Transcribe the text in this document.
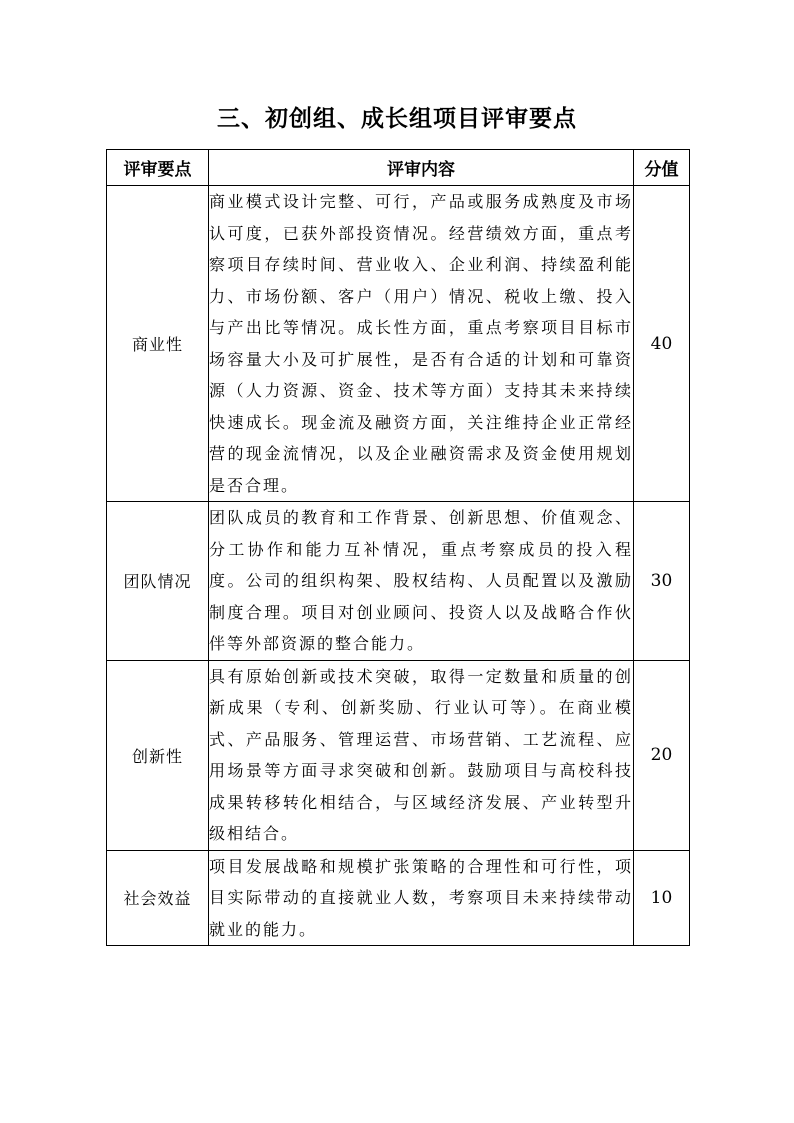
三、初创组、成长组项目评审要点
评审要点	评审内容	分值
商业性	商业模式设计完整、可行，产品或服务成熟度及市场认可度，已获外部投资情况。经营绩效方面，重点考察项目存续时间、营业收入、企业利润、持续盈利能力、市场份额、客户（用户）情况、税收上缴、投入与产出比等情况。成长性方面，重点考察项目目标市场容量大小及可扩展性，是否有合适的计划和可靠资源（人力资源、资金、技术等方面）支持其未来持续快速成长。现金流及融资方面，关注维持企业正常经营的现金流情况，以及企业融资需求及资金使用规划是否合理。	40
团队情况	团队成员的教育和工作背景、创新思想、价值观念、分工协作和能力互补情况，重点考察成员的投入程度。公司的组织构架、股权结构、人员配置以及激励制度合理。项目对创业顾问、投资人以及战略合作伙伴等外部资源的整合能力。	30
创新性	具有原始创新或技术突破，取得一定数量和质量的创新成果（专利、创新奖励、行业认可等）。在商业模式、产品服务、管理运营、市场营销、工艺流程、应用场景等方面寻求突破和创新。鼓励项目与高校科技成果转移转化相结合，与区域经济发展、产业转型升级相结合。	20
社会效益	项目发展战略和规模扩张策略的合理性和可行性，项目实际带动的直接就业人数，考察项目未来持续带动就业的能力。	10
